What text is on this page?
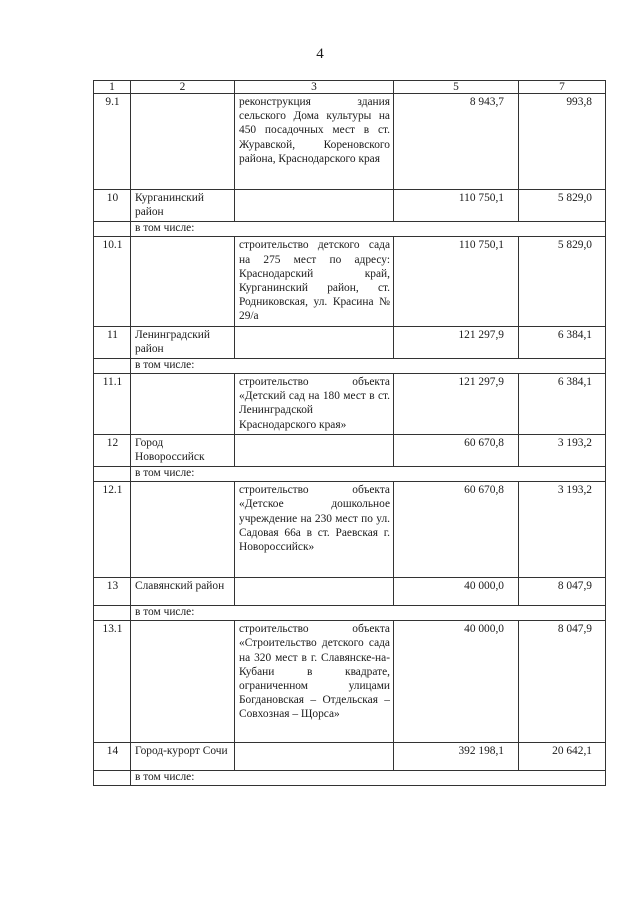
4
1	2	3	5	7
9.1		реконструкция здания сельского Дома культуры на 450 посадочных мест в ст. Журавской, Кореновского района, Краснодарского края	8 943,7	993,8
10	Курганинский район		110 750,1	5 829,0
	в том числе:			
10.1		строительство детского сада на 275 мест по адресу: Краснодарский край, Курганинский район, ст. Родниковская, ул. Красина № 29/а	110 750,1	5 829,0
11	Ленинградский район		121 297,9	6 384,1
	в том числе:			
11.1		строительство объекта «Детский сад на 180 мест в ст. Ленинградской Краснодарского края»	121 297,9	6 384,1
12	Город Новороссийск		60 670,8	3 193,2
	в том числе:			
12.1		строительство объекта «Детское дошкольное учреждение на 230 мест по ул. Садовая 66а в ст. Раевская г. Новороссийск»	60 670,8	3 193,2
13	Славянский район		40 000,0	8 047,9
	в том числе:			
13.1		строительство объекта «Строительство детского сада на 320 мест в г. Славянске-на-Кубани в квадрате, ограниченном улицами Богдановская – Отдельская – Совхозная – Щорса»	40 000,0	8 047,9
14	Город-курорт Сочи		392 198,1	20 642,1
	в том числе:			
